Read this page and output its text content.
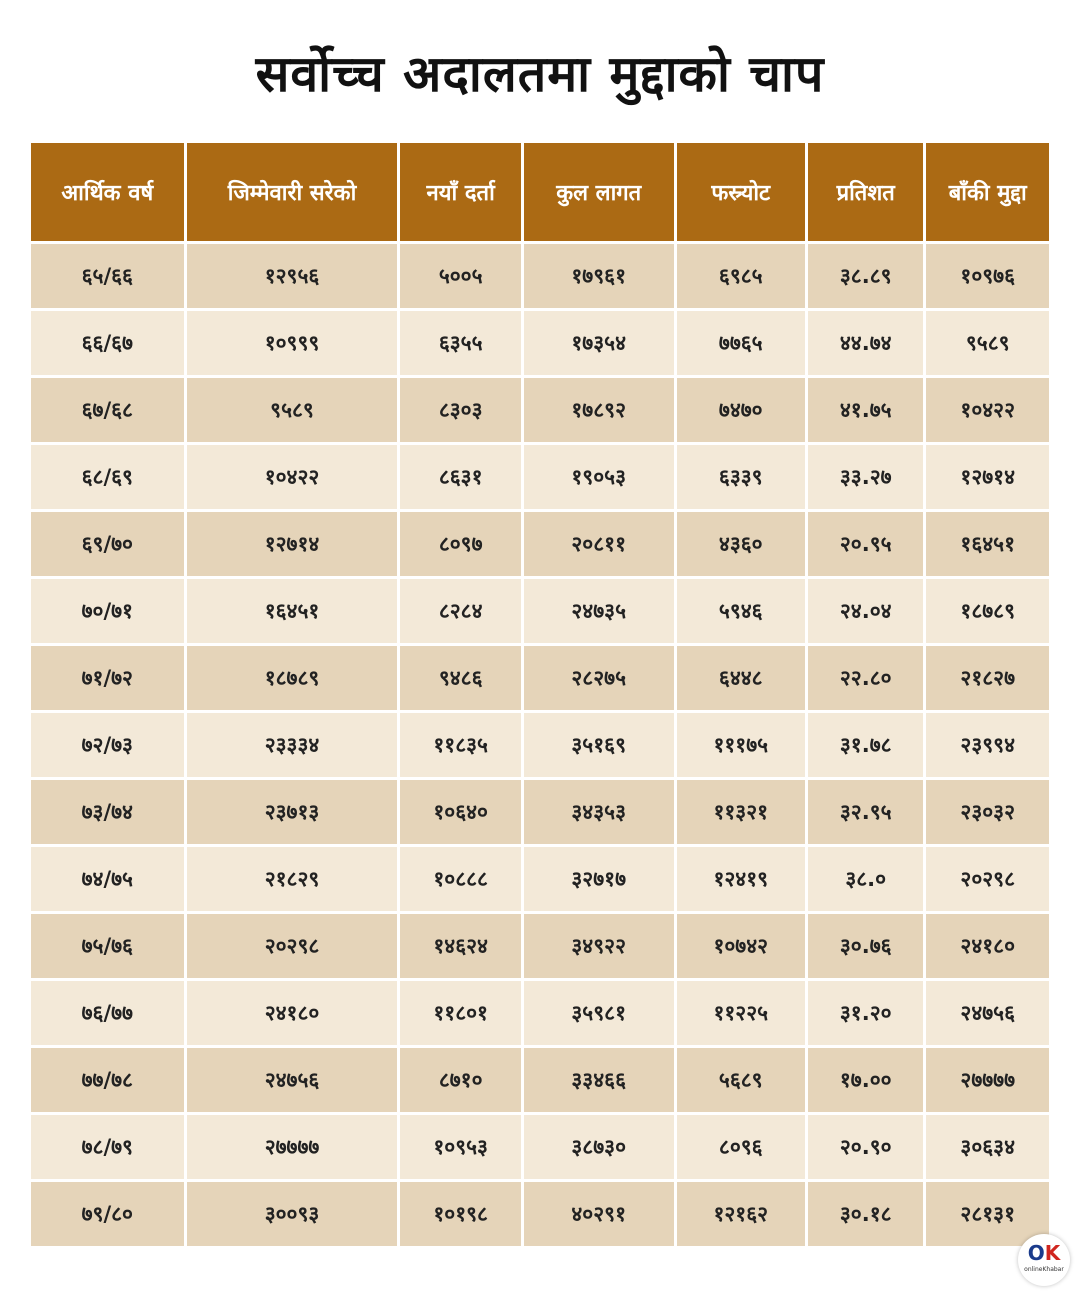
सर्वोच्च अदालतमा मुद्दाको चाप
आर्थिक वर्ष	जिम्मेवारी सरेको	नयाँ दर्ता	कुल लागत	फस्र्योट	प्रतिशत	बाँकी मुद्दा
६५/६६	१२९५६	५००५	१७९६१	६९८५	३८.८९	१०९७६
६६/६७	१०९९९	६३५५	१७३५४	७७६५	४४.७४	९५८९
६७/६८	९५८९	८३०३	१७८९२	७४७०	४१.७५	१०४२२
६८/६९	१०४२२	८६३१	१९०५३	६३३९	३३.२७	१२७१४
६९/७०	१२७१४	८०९७	२०८११	४३६०	२०.९५	१६४५१
७०/७१	१६४५१	८२८४	२४७३५	५९४६	२४.०४	१८७८९
७१/७२	१८७८९	९४८६	२८२७५	६४४८	२२.८०	२१८२७
७२/७३	२३३३४	११८३५	३५१६९	१११७५	३१.७८	२३९९४
७३/७४	२३७१३	१०६४०	३४३५३	११३२१	३२.९५	२३०३२
७४/७५	२१८२९	१०८८८	३२७१७	१२४१९	३८.०	२०२९८
७५/७६	२०२९८	१४६२४	३४९२२	१०७४२	३०.७६	२४१८०
७६/७७	२४१८०	११८०१	३५९८१	११२२५	३१.२०	२४७५६
७७/७८	२४७५६	८७१०	३३४६६	५६८९	१७.००	२७७७७
७८/७९	२७७७७	१०९५३	३८७३०	८०९६	२०.९०	३०६३४
७९/८०	३००९३	१०१९८	४०२९१	१२१६२	३०.१८	२८१३१
OK
onlineKhabar
